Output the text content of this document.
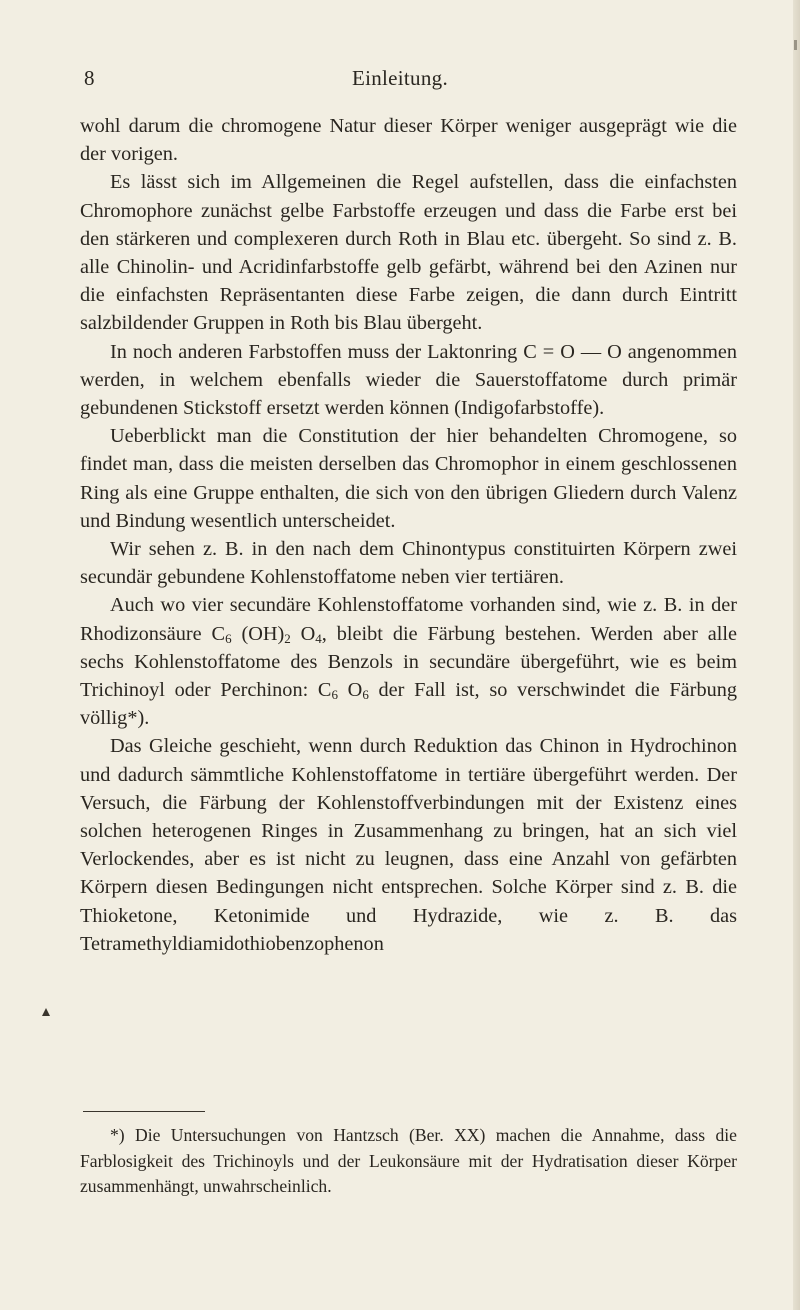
Einleitung.
8

wohl darum die chromogene Natur dieser Körper weniger ausgeprägt wie die der vorigen.

Es lässt sich im Allgemeinen die Regel aufstellen, dass die einfachsten Chromophore zunächst gelbe Farbstoffe erzeugen und dass die Farbe erst bei den stärkeren und complexeren durch Roth in Blau etc. übergeht. So sind z. B. alle Chinolin- und Acridinfarbstoffe gelb gefärbt, während bei den Azinen nur die einfachsten Repräsentanten diese Farbe zeigen, die dann durch Eintritt salzbildender Gruppen in Roth bis Blau übergeht.

In noch anderen Farbstoffen muss der Laktonring C = O — O angenommen werden, in welchem ebenfalls wieder die Sauerstoffatome durch primär gebundenen Stickstoff ersetzt werden können (Indigofarbstoffe).

Ueberblickt man die Constitution der hier behandelten Chromogene, so findet man, dass die meisten derselben das Chromophor in einem geschlossenen Ring als eine Gruppe enthalten, die sich von den übrigen Gliedern durch Valenz und Bindung wesentlich unterscheidet.

Wir sehen z. B. in den nach dem Chinontypus constituirten Körpern zwei secundär gebundene Kohlenstoffatome neben vier tertiären.

Auch wo vier secundäre Kohlenstoffatome vorhanden sind, wie z. B. in der Rhodizonsäure $C_6$ $(OH)_2$ $O_4$, bleibt die Färbung bestehen. Werden aber alle sechs Kohlenstoffatome des Benzols in secundäre übergeführt, wie es beim Trichinoyl oder Perchinon: $C_6$ $O_6$ der Fall ist, so verschwindet die Färbung völlig*).

Das Gleiche geschieht, wenn durch Reduktion das Chinon in Hydrochinon und dadurch sämmtliche Kohlenstoffatome in tertiäre übergeführt werden. Der Versuch, die Färbung der Kohlenstoffverbindungen mit der Existenz eines solchen heterogenen Ringes in Zusammenhang zu bringen, hat an sich viel Verlockendes, aber es ist nicht zu leugnen, dass eine Anzahl von gefärbten Körpern diesen Bedingungen nicht entsprechen. Solche Körper sind z. B. die Thioketone, Ketonimide und Hydrazide, wie z. B. das Tetramethyldiamidothiobenzophenon

*) Die Untersuchungen von Hantzsch (Ber. XX) machen die Annahme, dass die Farblosigkeit des Trichinoyls und der Leukonsäure mit der Hydratisation dieser Körper zusammenhängt, unwahrscheinlich.
